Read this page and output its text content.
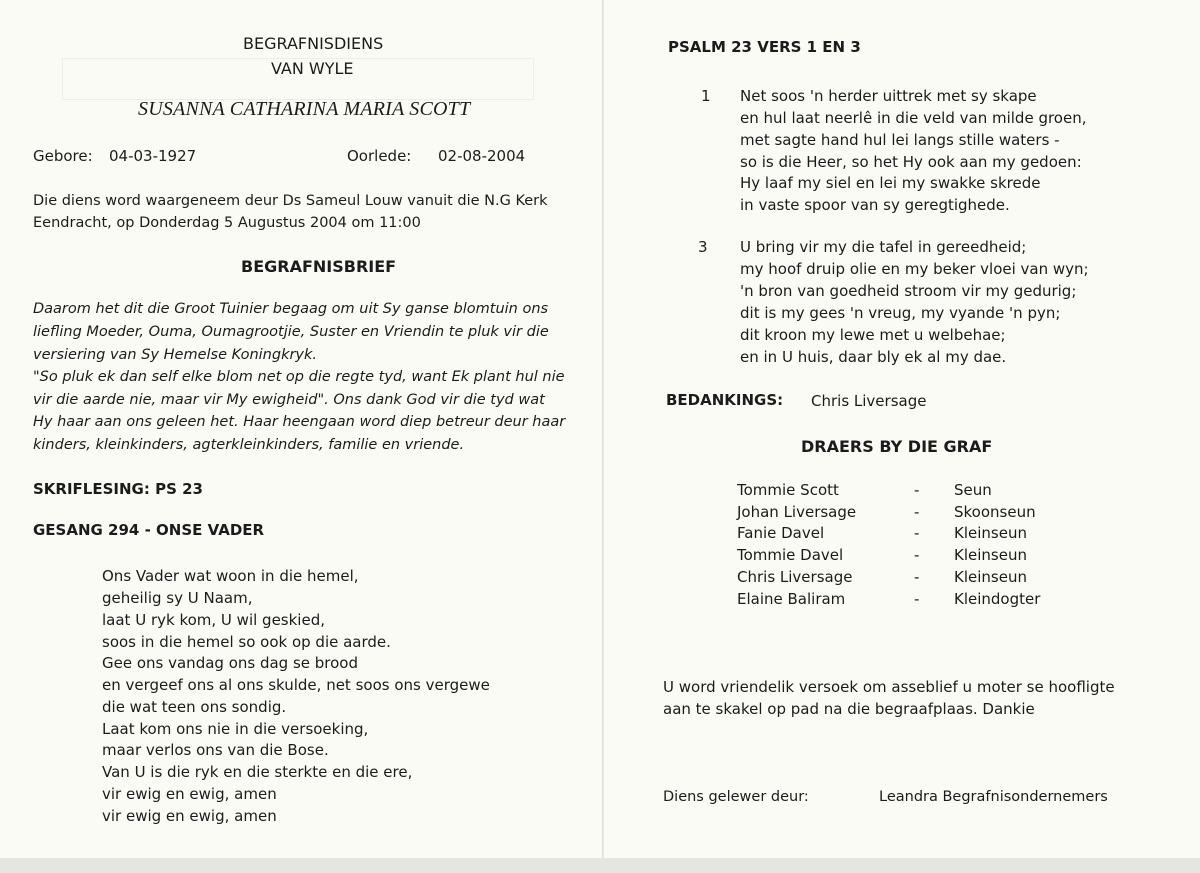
BEGRAFNISDIENS
VAN WYLE
SUSANNA CATHARINA MARIA SCOTT
Gebore: 04-03-1927	Oorlede: 02-08-2004
Die diens word waargeneem deur Ds Sameul Louw vanuit die N.G Kerk
Eendracht, op Donderdag 5 Augustus 2004 om 11:00
BEGRAFNISBRIEF
Daarom het dit die Groot Tuinier begaag om uit Sy ganse blomtuin ons
liefling Moeder, Ouma, Oumagrootjie, Suster en Vriendin te pluk vir die
versiering van Sy Hemelse Koningkryk.
"So pluk ek dan self elke blom net op die regte tyd, want Ek plant hul nie
vir die aarde nie, maar vir My ewigheid". Ons dank God vir die tyd wat
Hy haar aan ons geleen het. Haar heengaan word diep betreur deur haar
kinders, kleinkinders, agterkleinkinders, familie en vriende.
SKRIFLESING: PS 23
GESANG 294 - ONSE VADER
Ons Vader wat woon in die hemel,
geheilig sy U Naam,
laat U ryk kom, U wil geskied,
soos in die hemel so ook op die aarde.
Gee ons vandag ons dag se brood
en vergeef ons al ons skulde, net soos ons vergewe
die wat teen ons sondig.
Laat kom ons nie in die versoeking,
maar verlos ons van die Bose.
Van U is die ryk en die sterkte en die ere,
vir ewig en ewig, amen
vir ewig en ewig, amen
PSALM 23 VERS 1 EN 3
1 Net soos 'n herder uittrek met sy skape
en hul laat neerlê in die veld van milde groen,
met sagte hand hul lei langs stille waters -
so is die Heer, so het Hy ook aan my gedoen:
Hy laaf my siel en lei my swakke skrede
in vaste spoor van sy geregtighede.
3 U bring vir my die tafel in gereedheid;
my hoof druip olie en my beker vloei van wyn;
'n bron van goedheid stroom vir my gedurig;
dit is my gees 'n vreug, my vyande 'n pyn;
dit kroon my lewe met u welbehae;
en in U huis, daar bly ek al my dae.
BEDANKINGS: Chris Liversage
DRAERS BY DIE GRAF
Tommie Scott	- Seun
Johan Liversage	- Skoonseun
Fanie Davel	- Kleinseun
Tommie Davel	- Kleinseun
Chris Liversage	- Kleinseun
Elaine Baliram	- Kleindogter
U word vriendelik versoek om asseblief u moter se hoofligte
aan te skakel op pad na die begraafplaas. Dankie
Diens gelewer deur:	Leandra Begrafnisondernemers
